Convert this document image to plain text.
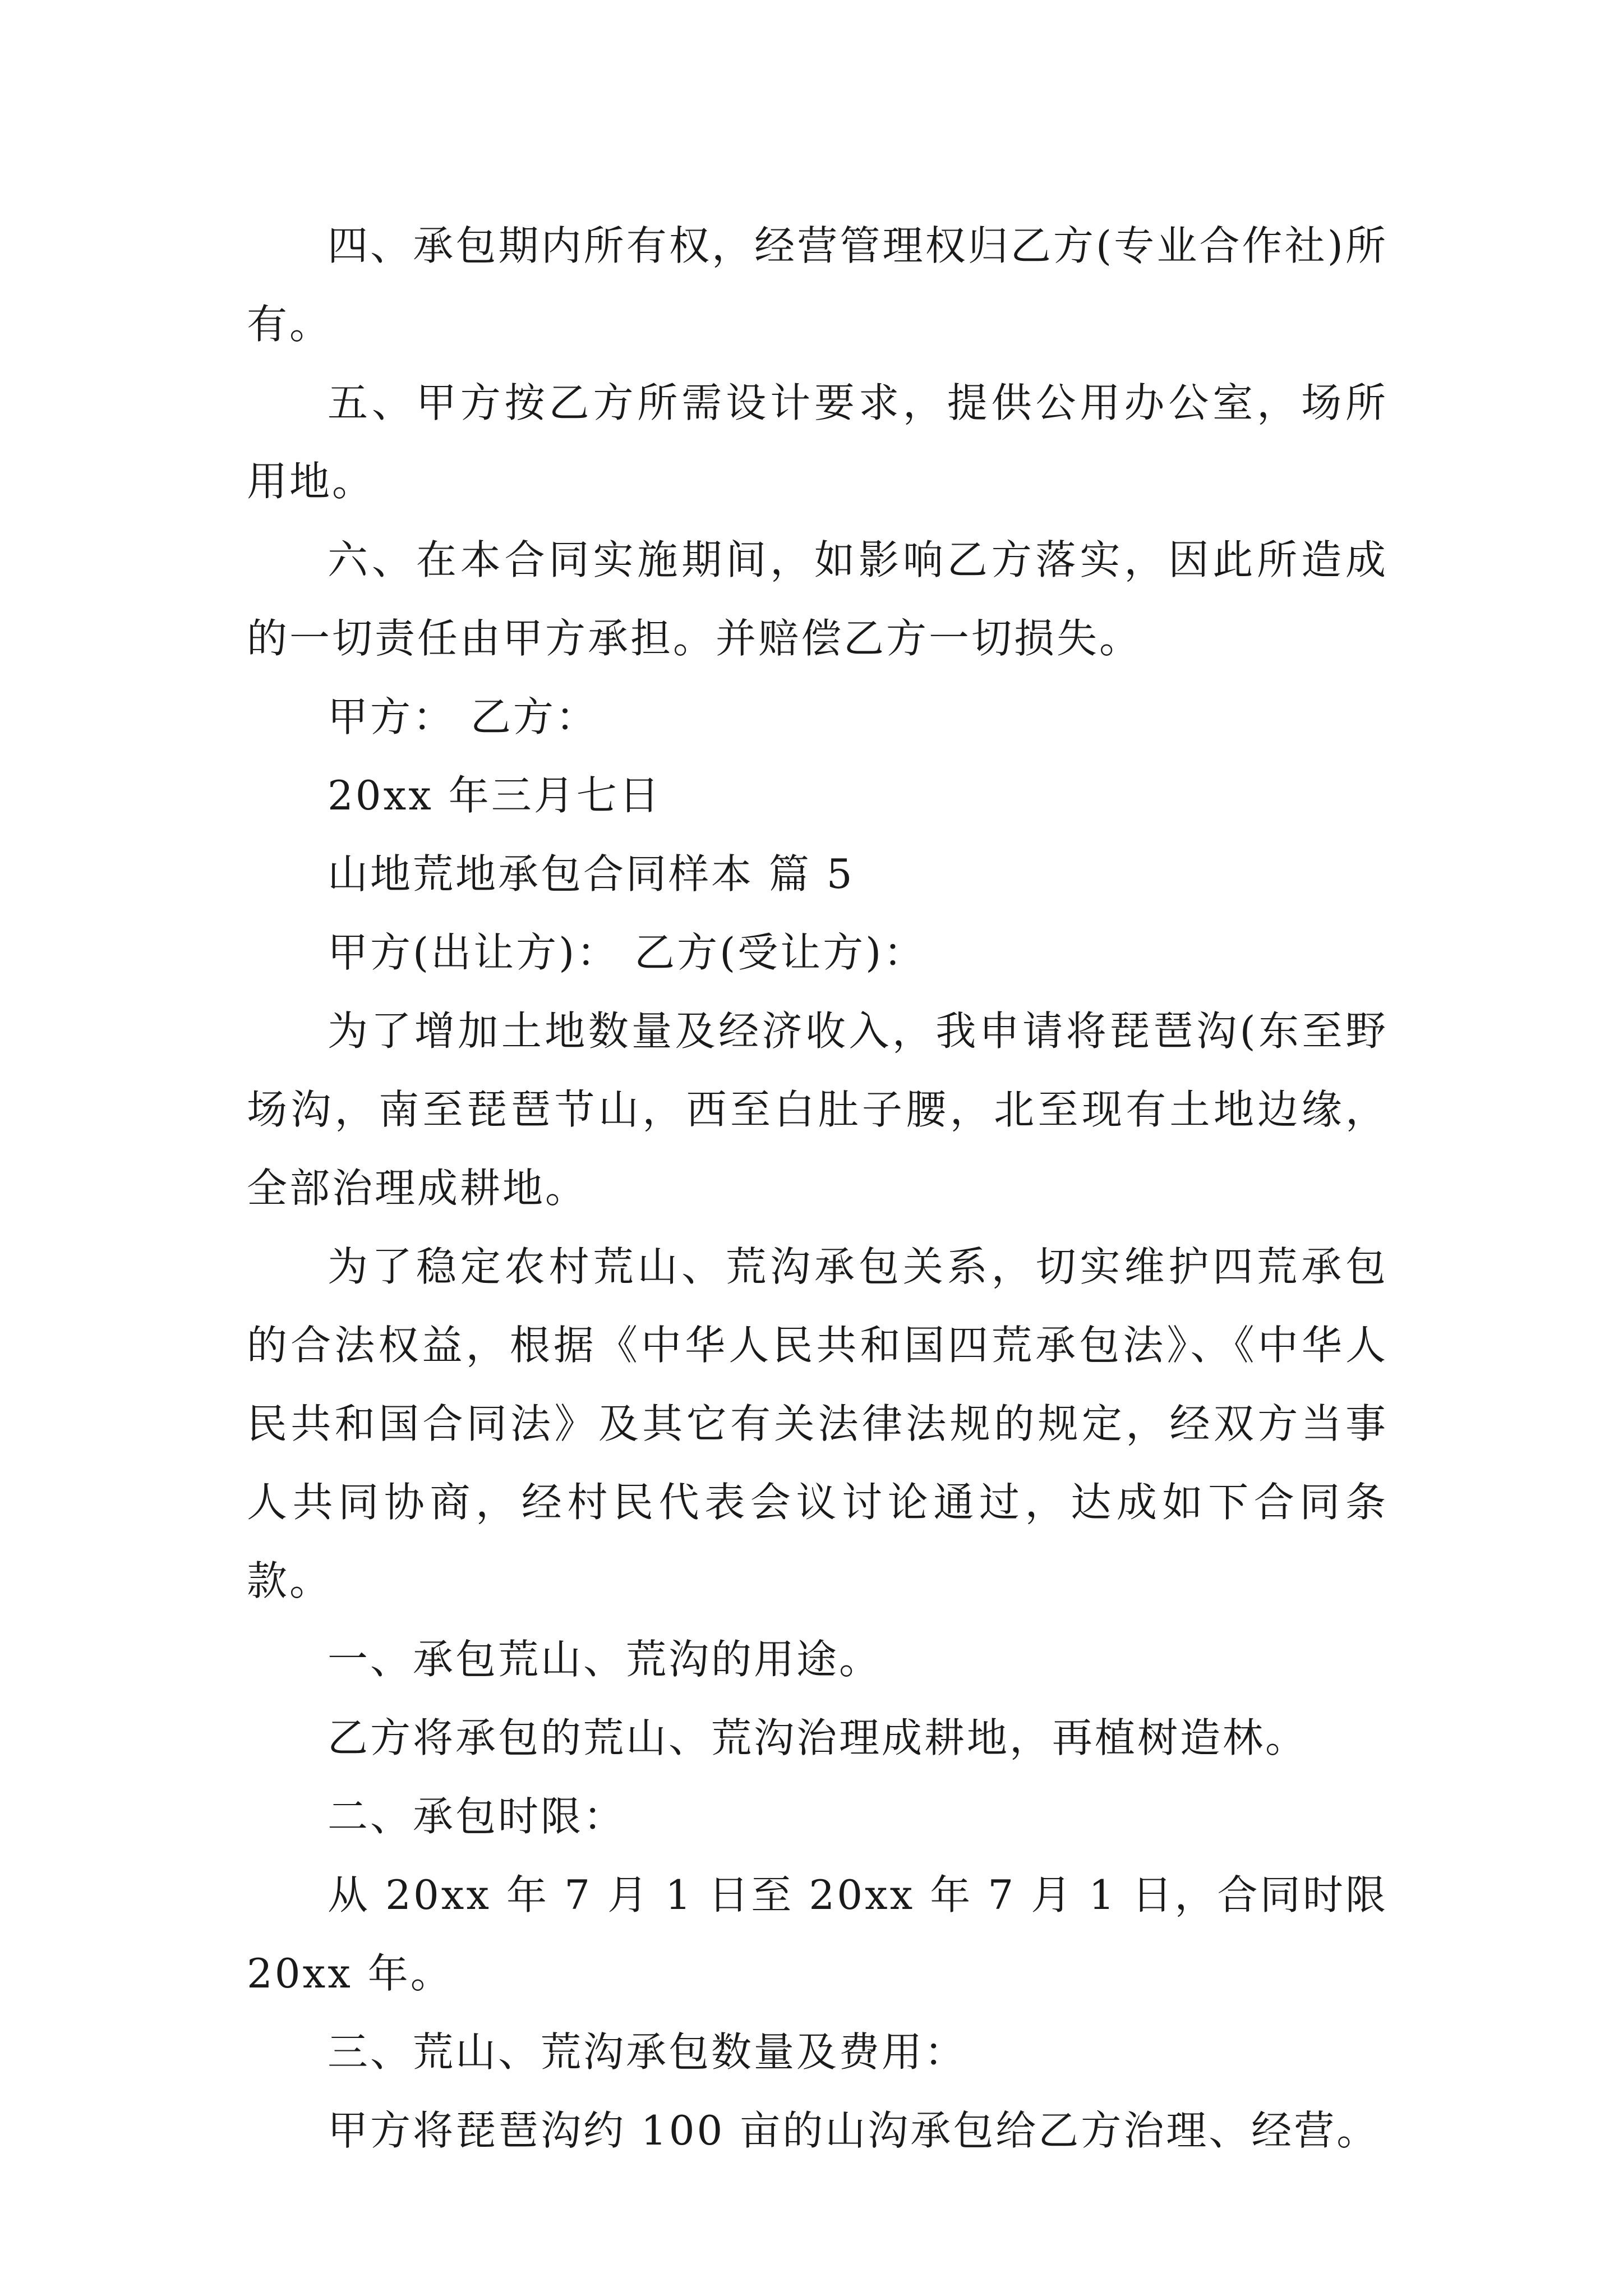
四、承包期内所有权，经营管理权归乙方(专业合作社)所有。

五、甲方按乙方所需设计要求，提供公用办公室，场所用地。

六、在本合同实施期间，如影响乙方落实，因此所造成的一切责任由甲方承担。并赔偿乙方一切损失。

甲方： 乙方：

20xx 年三月七日

山地荒地承包合同样本 篇 5

甲方(出让方)： 乙方(受让方)：

为了增加土地数量及经济收入，我申请将琵琶沟(东至野场沟，南至琵琶节山，西至白肚子腰，北至现有土地边缘，全部治理成耕地。

为了稳定农村荒山、荒沟承包关系，切实维护四荒承包的合法权益，根据《中华人民共和国四荒承包法》、《中华人民共和国合同法》及其它有关法律法规的规定，经双方当事人共同协商，经村民代表会议讨论通过，达成如下合同条款。

一、承包荒山、荒沟的用途。

乙方将承包的荒山、荒沟治理成耕地，再植树造林。

二、承包时限：

从 20xx 年 7 月 1 日至 20xx 年 7 月 1 日，合同时限 20xx 年。

三、荒山、荒沟承包数量及费用：

甲方将琵琶沟约 100 亩的山沟承包给乙方治理、经营。
